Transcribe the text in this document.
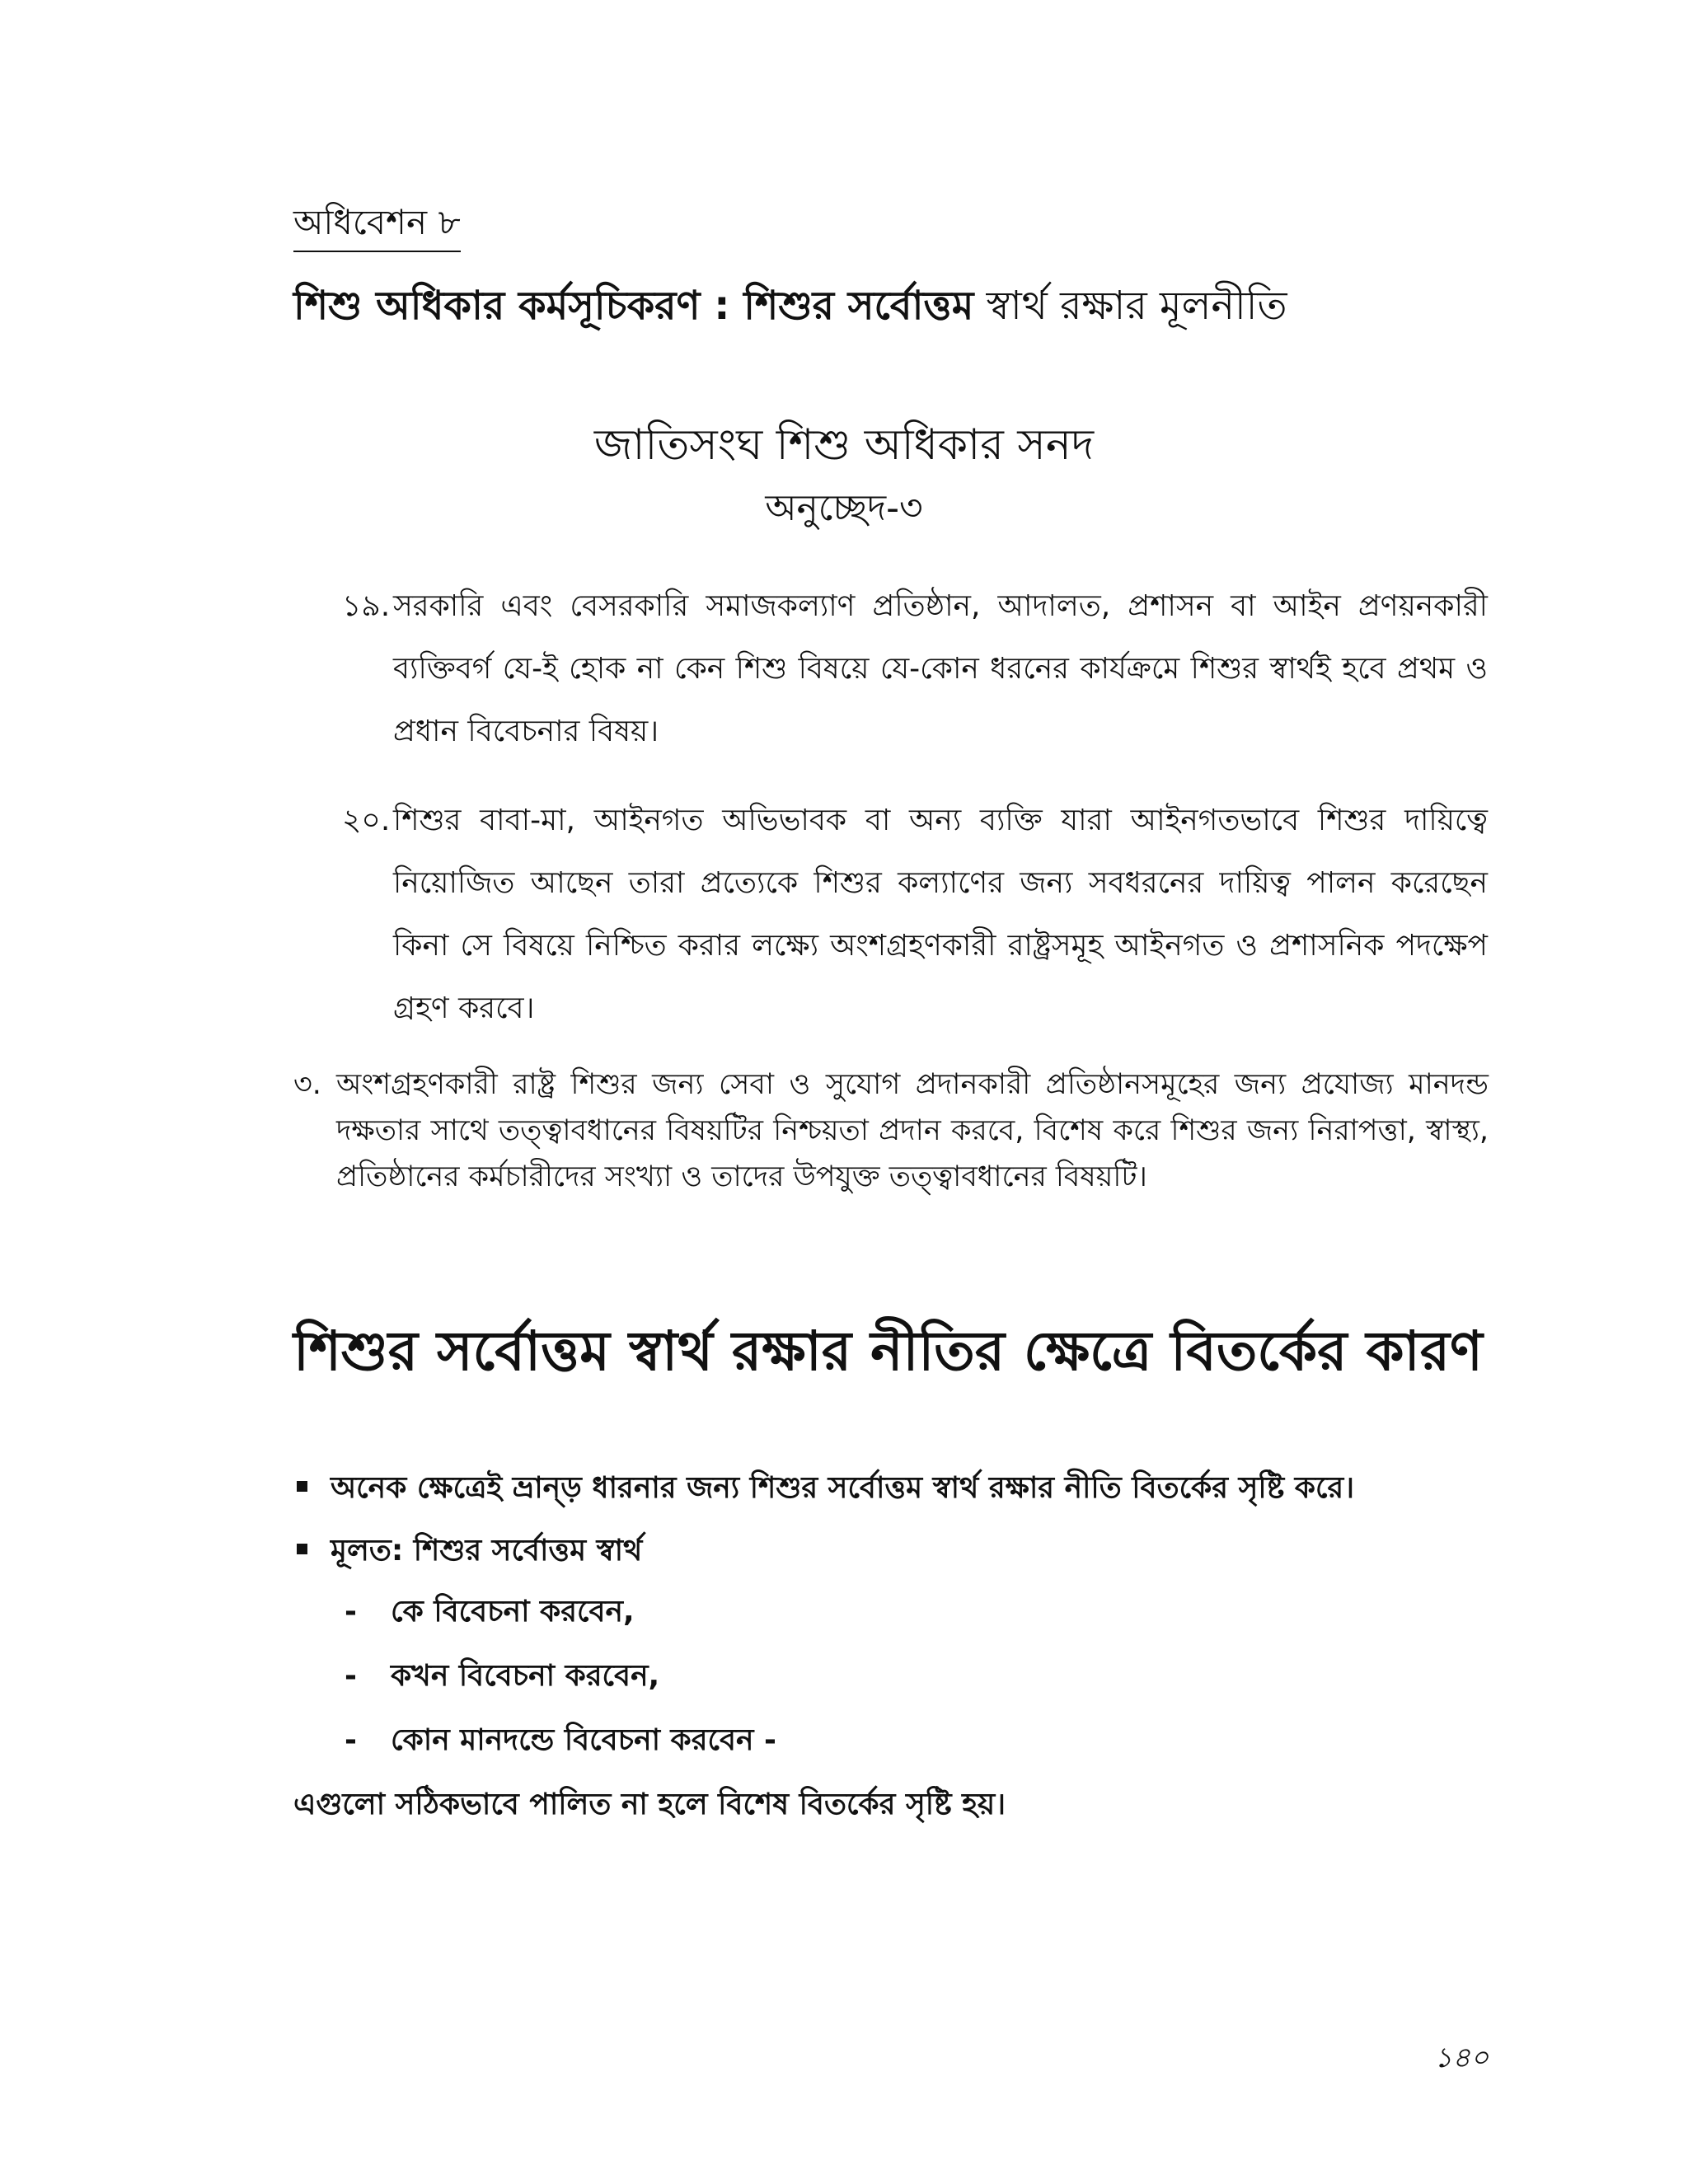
অধিবেশন ৮
শিশু অধিকার কর্মসূচিকরণ : শিশুর সর্বোত্তম স্বার্থ রক্ষার মূলনীতি
জাতিসংঘ শিশু অধিকার সনদ
অনুচ্ছেদ-৩
১৯. সরকারি এবং বেসরকারি সমাজকল্যাণ প্রতিষ্ঠান, আদালত, প্রশাসন বা আইন প্রণয়নকারী ব্যক্তিবর্গ যে-ই হোক না কেন শিশু বিষয়ে যে-কোন ধরনের কার্যক্রমে শিশুর স্বার্থই হবে প্রথম ও প্রধান বিবেচনার বিষয়।
২০. শিশুর বাবা-মা, আইনগত অভিভাবক বা অন্য ব্যক্তি যারা আইনগতভাবে শিশুর দায়িত্বে নিয়োজিত আছেন তারা প্রত্যেকে শিশুর কল্যাণের জন্য সবধরনের দায়িত্ব পালন করেছেন কিনা সে বিষয়ে নিশ্চিত করার লক্ষ্যে অংশগ্রহণকারী রাষ্ট্রসমূহ আইনগত ও প্রশাসনিক পদক্ষেপ গ্রহণ করবে।
৩. অংশগ্রহণকারী রাষ্ট্র শিশুর জন্য সেবা ও সুযোগ প্রদানকারী প্রতিষ্ঠানসমূহের জন্য প্রযোজ্য মানদন্ড দক্ষতার সাথে তত্ত্বাবধানের বিষয়টির নিশ্চয়তা প্রদান করবে, বিশেষ করে শিশুর জন্য নিরাপত্তা, স্বাস্থ্য, প্রতিষ্ঠানের কর্মচারীদের সংখ্যা ও তাদের উপযুক্ত তত্ত্বাবধানের বিষয়টি।
শিশুর সর্বোত্তম স্বার্থ রক্ষার নীতির ক্ষেত্রে বিতর্কের কারণ
অনেক ক্ষেত্রেই ভ্রান্ড় ধারনার জন্য শিশুর সর্বোত্তম স্বার্থ রক্ষার নীতি বিতর্কের সৃষ্টি করে।
মূলত: শিশুর সর্বোত্তম স্বার্থ
- কে বিবেচনা করবেন,
- কখন বিবেচনা করবেন,
- কোন মানদন্ডে বিবেচনা করবেন -
এগুলো সঠিকভাবে পালিত না হলে বিশেষ বিতর্কের সৃষ্টি হয়।
১৪০
